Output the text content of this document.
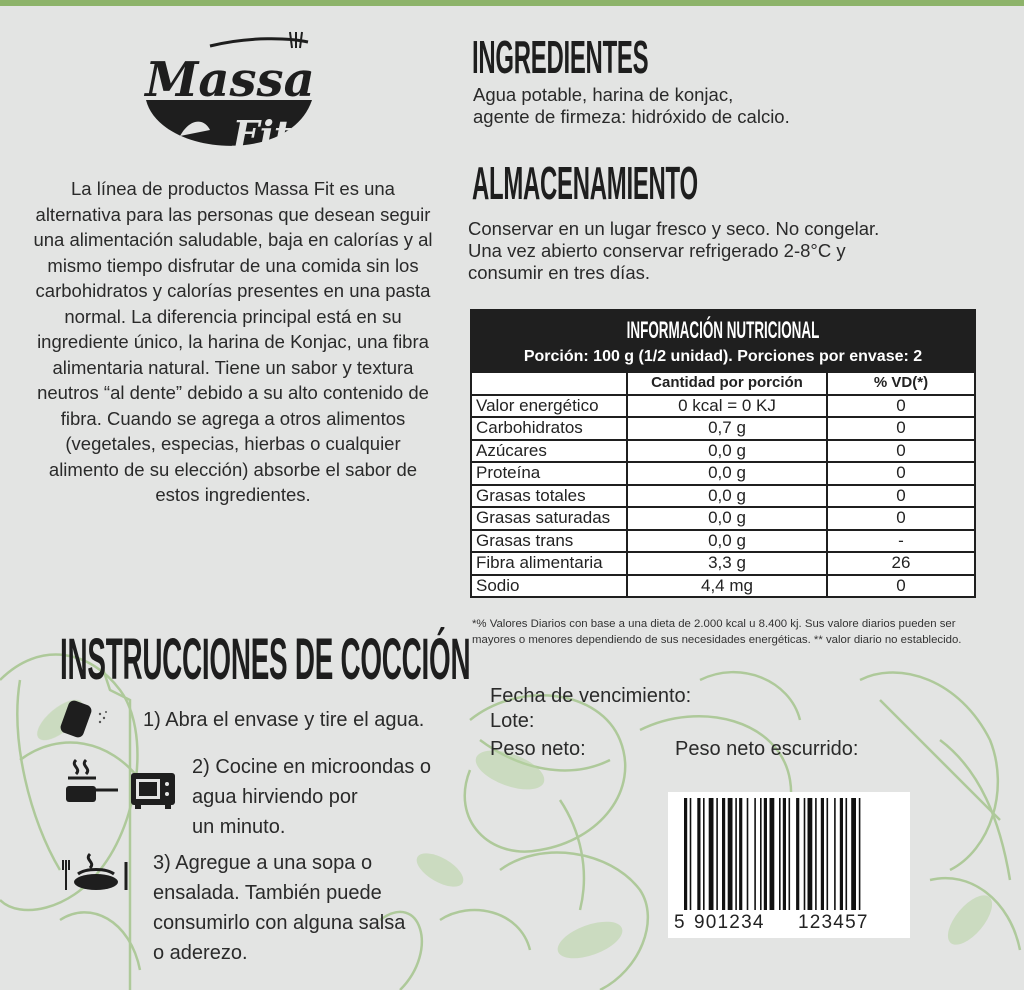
Massa
Fit
La línea de productos Massa Fit es una alternativa para las personas que desean seguir una alimentación saludable, baja en calorías y al mismo tiempo disfrutar de una comida sin los carbohidratos y calorías presentes en una pasta normal. La diferencia principal está en su ingrediente único, la harina de Konjac, una fibra alimentaria natural. Tiene un sabor y textura neutros “al dente” debido a su alto contenido de fibra. Cuando se agrega a otros alimentos (vegetales, especias, hierbas o cualquier alimento de su elección) absorbe el sabor de estos ingredientes.
INGREDIENTES
Agua potable, harina de konjac,
agente de firmeza: hidróxido de calcio.
ALMACENAMIENTO
Conservar en un lugar fresco y seco. No congelar.
Una vez abierto conservar refrigerado 2-8°C y
consumir en tres días.
INFORMACIÓN NUTRICIONAL
Porción: 100 g (1/2 unidad). Porciones por envase: 2		

	Cantidad por porción	% VD(*)
Valor energético	0 kcal = 0 KJ	0
Carbohidratos	0,7 g	0
Azúcares	0,0 g	0
Proteína	0,0 g	0
Grasas totales	0,0 g	0
Grasas saturadas	0,0 g	0
Grasas trans	0,0 g	-
Fibra alimentaria	3,3 g	26
Sodio	4,4 mg	0
*% Valores Diarios con base a una dieta de 2.000 kcal u 8.400 kj. Sus valore diarios pueden ser mayores o menores dependiendo de sus necesidades energéticas. ** valor diario no establecido.
Fecha de vencimiento:
Lote:
Peso neto:	Peso neto escurrido:
5 901234 123457
INSTRUCCIONES DE COCCIÓN
1) Abra el envase y tire el agua.
2) Cocine en microondas o
agua hirviendo por
un minuto.
3) Agregue a una sopa o
ensalada. También puede
consumirlo con alguna salsa
o aderezo.
